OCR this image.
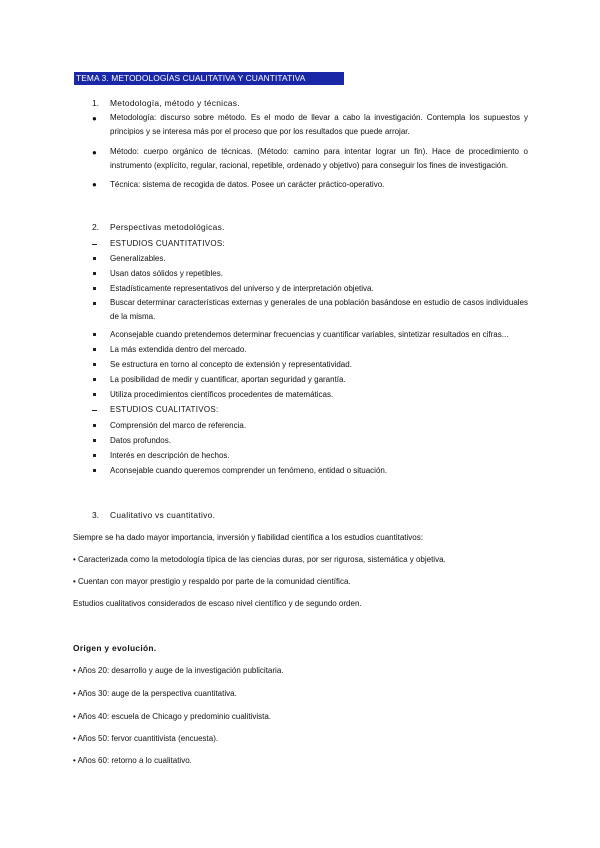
TEMA 3. METODOLOGÍAS CUALITATIVA Y CUANTITATIVA
1. Metodología, método y técnicas.
● Metodología: discurso sobre método. Es el modo de llevar a cabo la investigación. Contempla los supuestos y principios y se interesa más por el proceso que por los resultados que puede arrojar.
● Método: cuerpo orgánico de técnicas. (Método: camino para intentar lograr un fin). Hace de procedimiento o instrumento (explícito, regular, racional, repetible, ordenado y objetivo) para conseguir los fines de investigación.
● Técnica: sistema de recogida de datos. Posee un carácter práctico-operativo.
2. Perspectivas metodológicas.
ESTUDIOS CUANTITATIVOS:
Generalizables.
Usan datos sólidos y repetibles.
Estadísticamente representativos del universo y de interpretación objetiva.
Buscar determinar características externas y generales de una población basándose en estudio de casos individuales de la misma.
Aconsejable cuando pretendemos determinar frecuencias y cuantificar variables, sintetizar resultados en cifras...
La más extendida dentro del mercado.
Se estructura en torno al concepto de extensión y representatividad.
La posibilidad de medir y cuantificar, aportan seguridad y garantía.
Utiliza procedimientos científicos procedentes de matemáticas.
ESTUDIOS CUALITATIVOS:
Comprensión del marco de referencia.
Datos profundos.
Interés en descripción de hechos.
Aconsejable cuando queremos comprender un fenómeno, entidad o situación.
3. Cualitativo vs cuantitativo.
Siempre se ha dado mayor importancia, inversión y fiabilidad científica a los estudios cuantitativos:
• Caracterizada como la metodología típica de las ciencias duras, por ser rigurosa, sistemática y objetiva.
• Cuentan con mayor prestigio y respaldo por parte de la comunidad científica.
Estudios cualitativos considerados de escaso nivel científico y de segundo orden.
Origen y evolución.
• Años 20: desarrollo y auge de la investigación publicitaria.
• Años 30: auge de la perspectiva cuantitativa.
• Años 40: escuela de Chicago y predominio cualitivista.
• Años 50: fervor cuantitivista (encuesta).
• Años 60: retorno a lo cualitativo.
